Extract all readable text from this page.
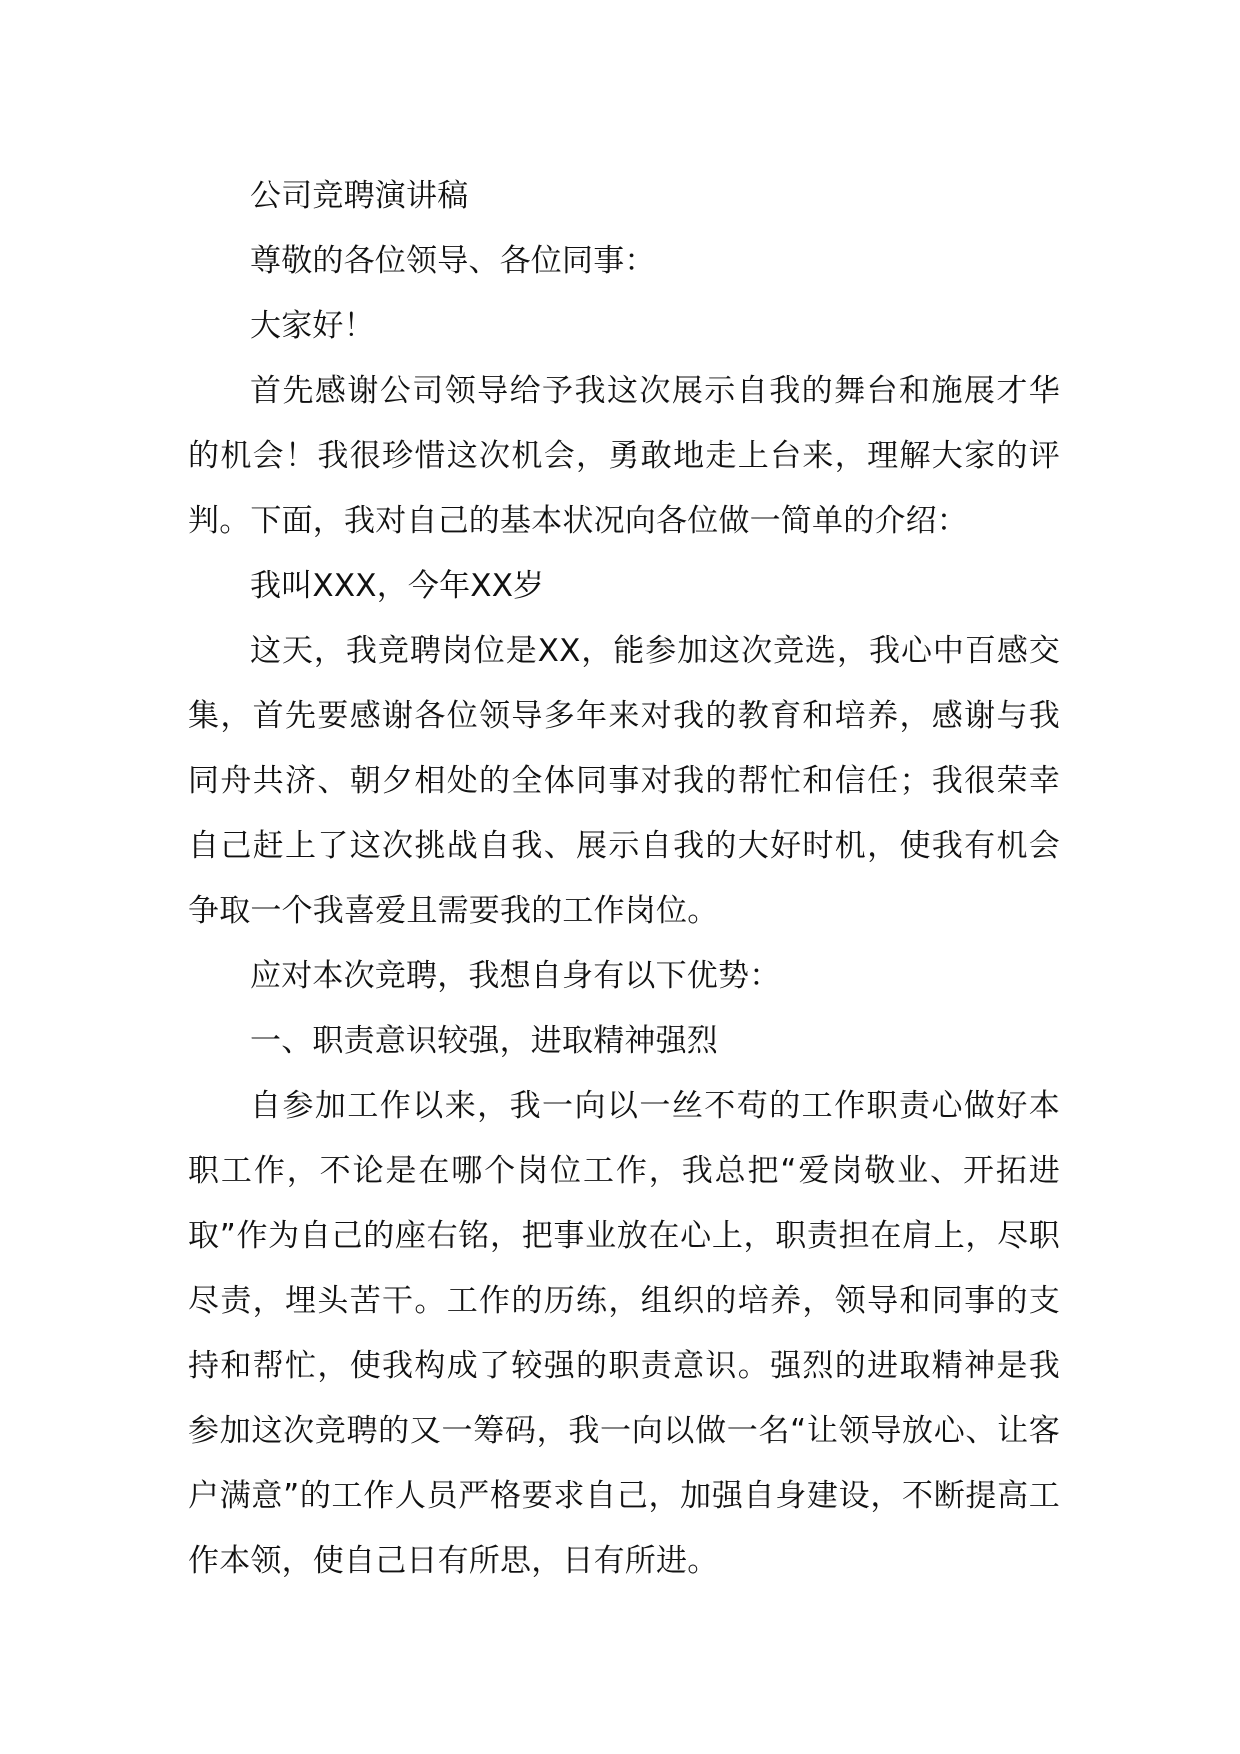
公司竞聘演讲稿

尊敬的各位领导、各位同事：

大家好！

首先感谢公司领导给予我这次展示自我的舞台和施展才华的机会！我很珍惜这次机会，勇敢地走上台来，理解大家的评判。下面，我对自己的基本状况向各位做一简单的介绍：

我叫XXX，今年XX岁

这天，我竞聘岗位是XX，能参加这次竞选，我心中百感交集，首先要感谢各位领导多年来对我的教育和培养，感谢与我同舟共济、朝夕相处的全体同事对我的帮忙和信任；我很荣幸自己赶上了这次挑战自我、展示自我的大好时机，使我有机会争取一个我喜爱且需要我的工作岗位。

应对本次竞聘，我想自身有以下优势：

一、职责意识较强，进取精神强烈

自参加工作以来，我一向以一丝不苟的工作职责心做好本职工作，不论是在哪个岗位工作，我总把“爱岗敬业、开拓进取”作为自己的座右铭，把事业放在心上，职责担在肩上，尽职尽责，埋头苦干。工作的历练，组织的培养，领导和同事的支持和帮忙，使我构成了较强的职责意识。强烈的进取精神是我参加这次竞聘的又一筹码，我一向以做一名“让领导放心、让客户满意”的工作人员严格要求自己，加强自身建设，不断提高工作本领，使自己日有所思，日有所进。
